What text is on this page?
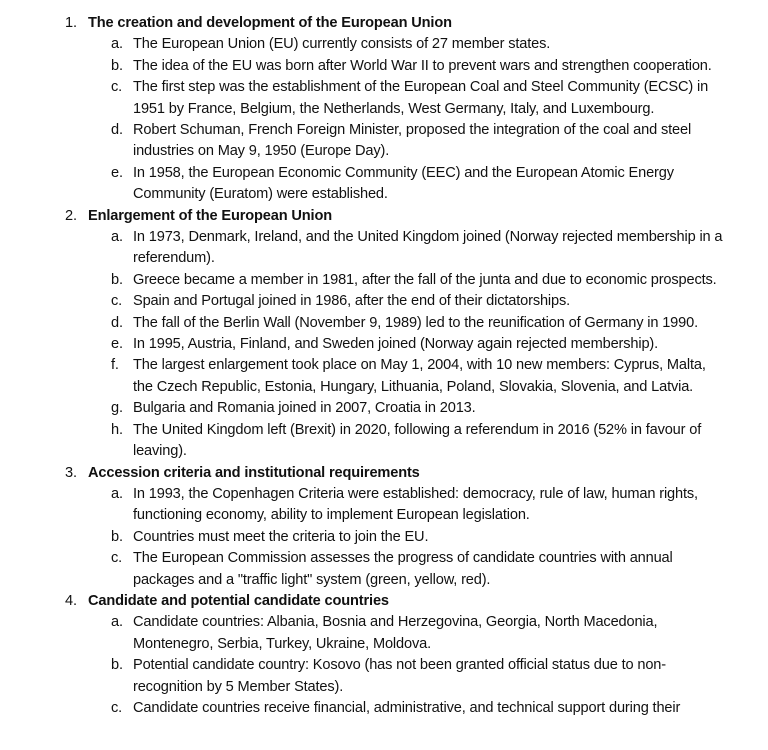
1. The creation and development of the European Union
a. The European Union (EU) currently consists of 27 member states.
b. The idea of the EU was born after World War II to prevent wars and strengthen cooperation.
c. The first step was the establishment of the European Coal and Steel Community (ECSC) in 1951 by France, Belgium, the Netherlands, West Germany, Italy, and Luxembourg.
d. Robert Schuman, French Foreign Minister, proposed the integration of the coal and steel industries on May 9, 1950 (Europe Day).
e. In 1958, the European Economic Community (EEC) and the European Atomic Energy Community (Euratom) were established.
2. Enlargement of the European Union
a. In 1973, Denmark, Ireland, and the United Kingdom joined (Norway rejected membership in a referendum).
b. Greece became a member in 1981, after the fall of the junta and due to economic prospects.
c. Spain and Portugal joined in 1986, after the end of their dictatorships.
d. The fall of the Berlin Wall (November 9, 1989) led to the reunification of Germany in 1990.
e. In 1995, Austria, Finland, and Sweden joined (Norway again rejected membership).
f. The largest enlargement took place on May 1, 2004, with 10 new members: Cyprus, Malta, the Czech Republic, Estonia, Hungary, Lithuania, Poland, Slovakia, Slovenia, and Latvia.
g. Bulgaria and Romania joined in 2007, Croatia in 2013.
h. The United Kingdom left (Brexit) in 2020, following a referendum in 2016 (52% in favour of leaving).
3. Accession criteria and institutional requirements
a. In 1993, the Copenhagen Criteria were established: democracy, rule of law, human rights, functioning economy, ability to implement European legislation.
b. Countries must meet the criteria to join the EU.
c. The European Commission assesses the progress of candidate countries with annual packages and a "traffic light" system (green, yellow, red).
4. Candidate and potential candidate countries
a. Candidate countries: Albania, Bosnia and Herzegovina, Georgia, North Macedonia, Montenegro, Serbia, Turkey, Ukraine, Moldova.
b. Potential candidate country: Kosovo (has not been granted official status due to non-recognition by 5 Member States).
c. Candidate countries receive financial, administrative, and technical support during their
